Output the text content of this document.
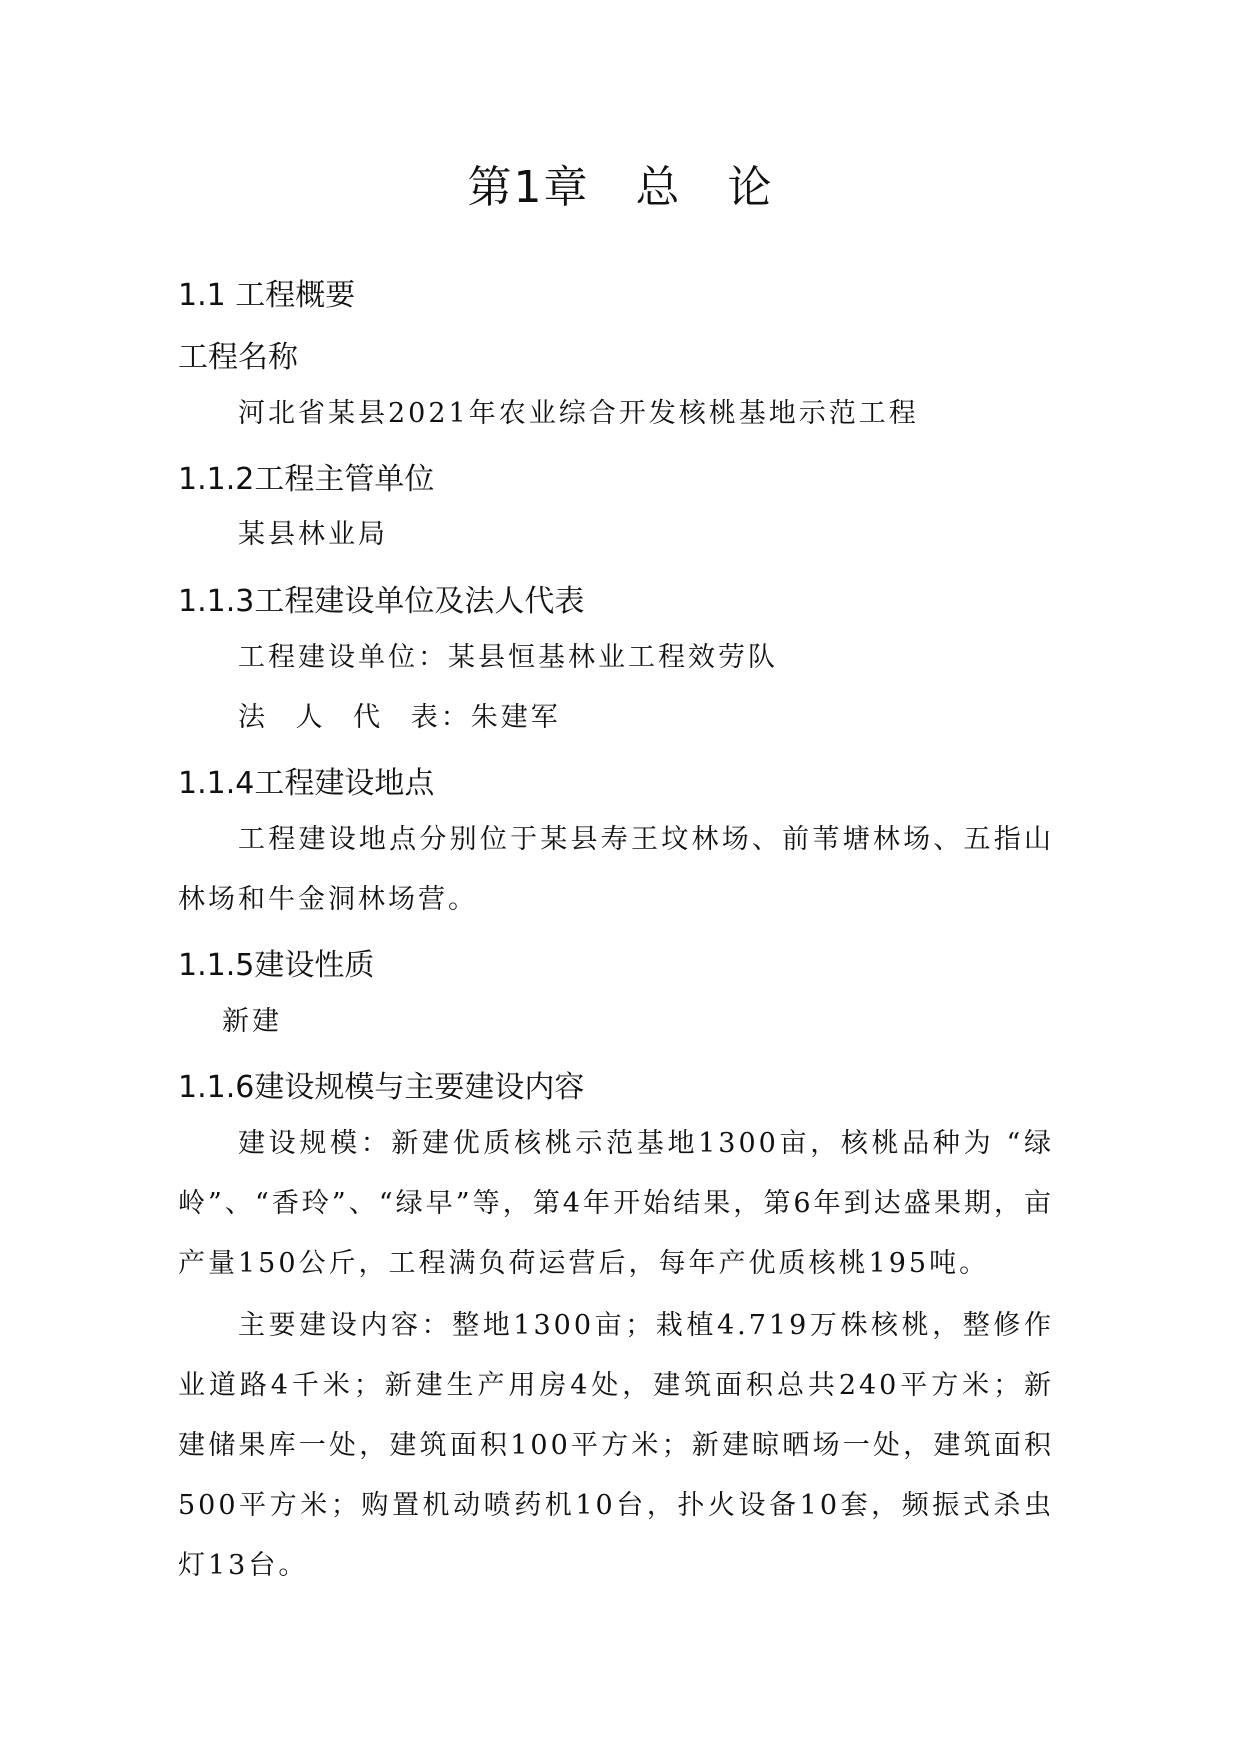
第1章　总　论
1.1 工程概要
工程名称
河北省某县2021年农业综合开发核桃基地示范工程
1.1.2工程主管单位
某县林业局
1.1.3工程建设单位及法人代表
工程建设单位：某县恒基林业工程效劳队
法 人 代 表：朱建军
1.1.4工程建设地点
工程建设地点分别位于某县寿王坟林场、前苇塘林场、五指山林场和牛金洞林场营。
1.1.5建设性质
新建
1.1.6建设规模与主要建设内容
建设规模：新建优质核桃示范基地1300亩，核桃品种为 “绿岭”、“香玲”、“绿早”等，第4年开始结果，第6年到达盛果期，亩产量150公斤，工程满负荷运营后，每年产优质核桃195吨。
主要建设内容：整地1300亩；栽植4.719万株核桃，整修作业道路4千米；新建生产用房4处，建筑面积总共240平方米；新建储果库一处，建筑面积100平方米；新建晾晒场一处，建筑面积500平方米；购置机动喷药机10台，扑火设备10套，频振式杀虫灯13台。
